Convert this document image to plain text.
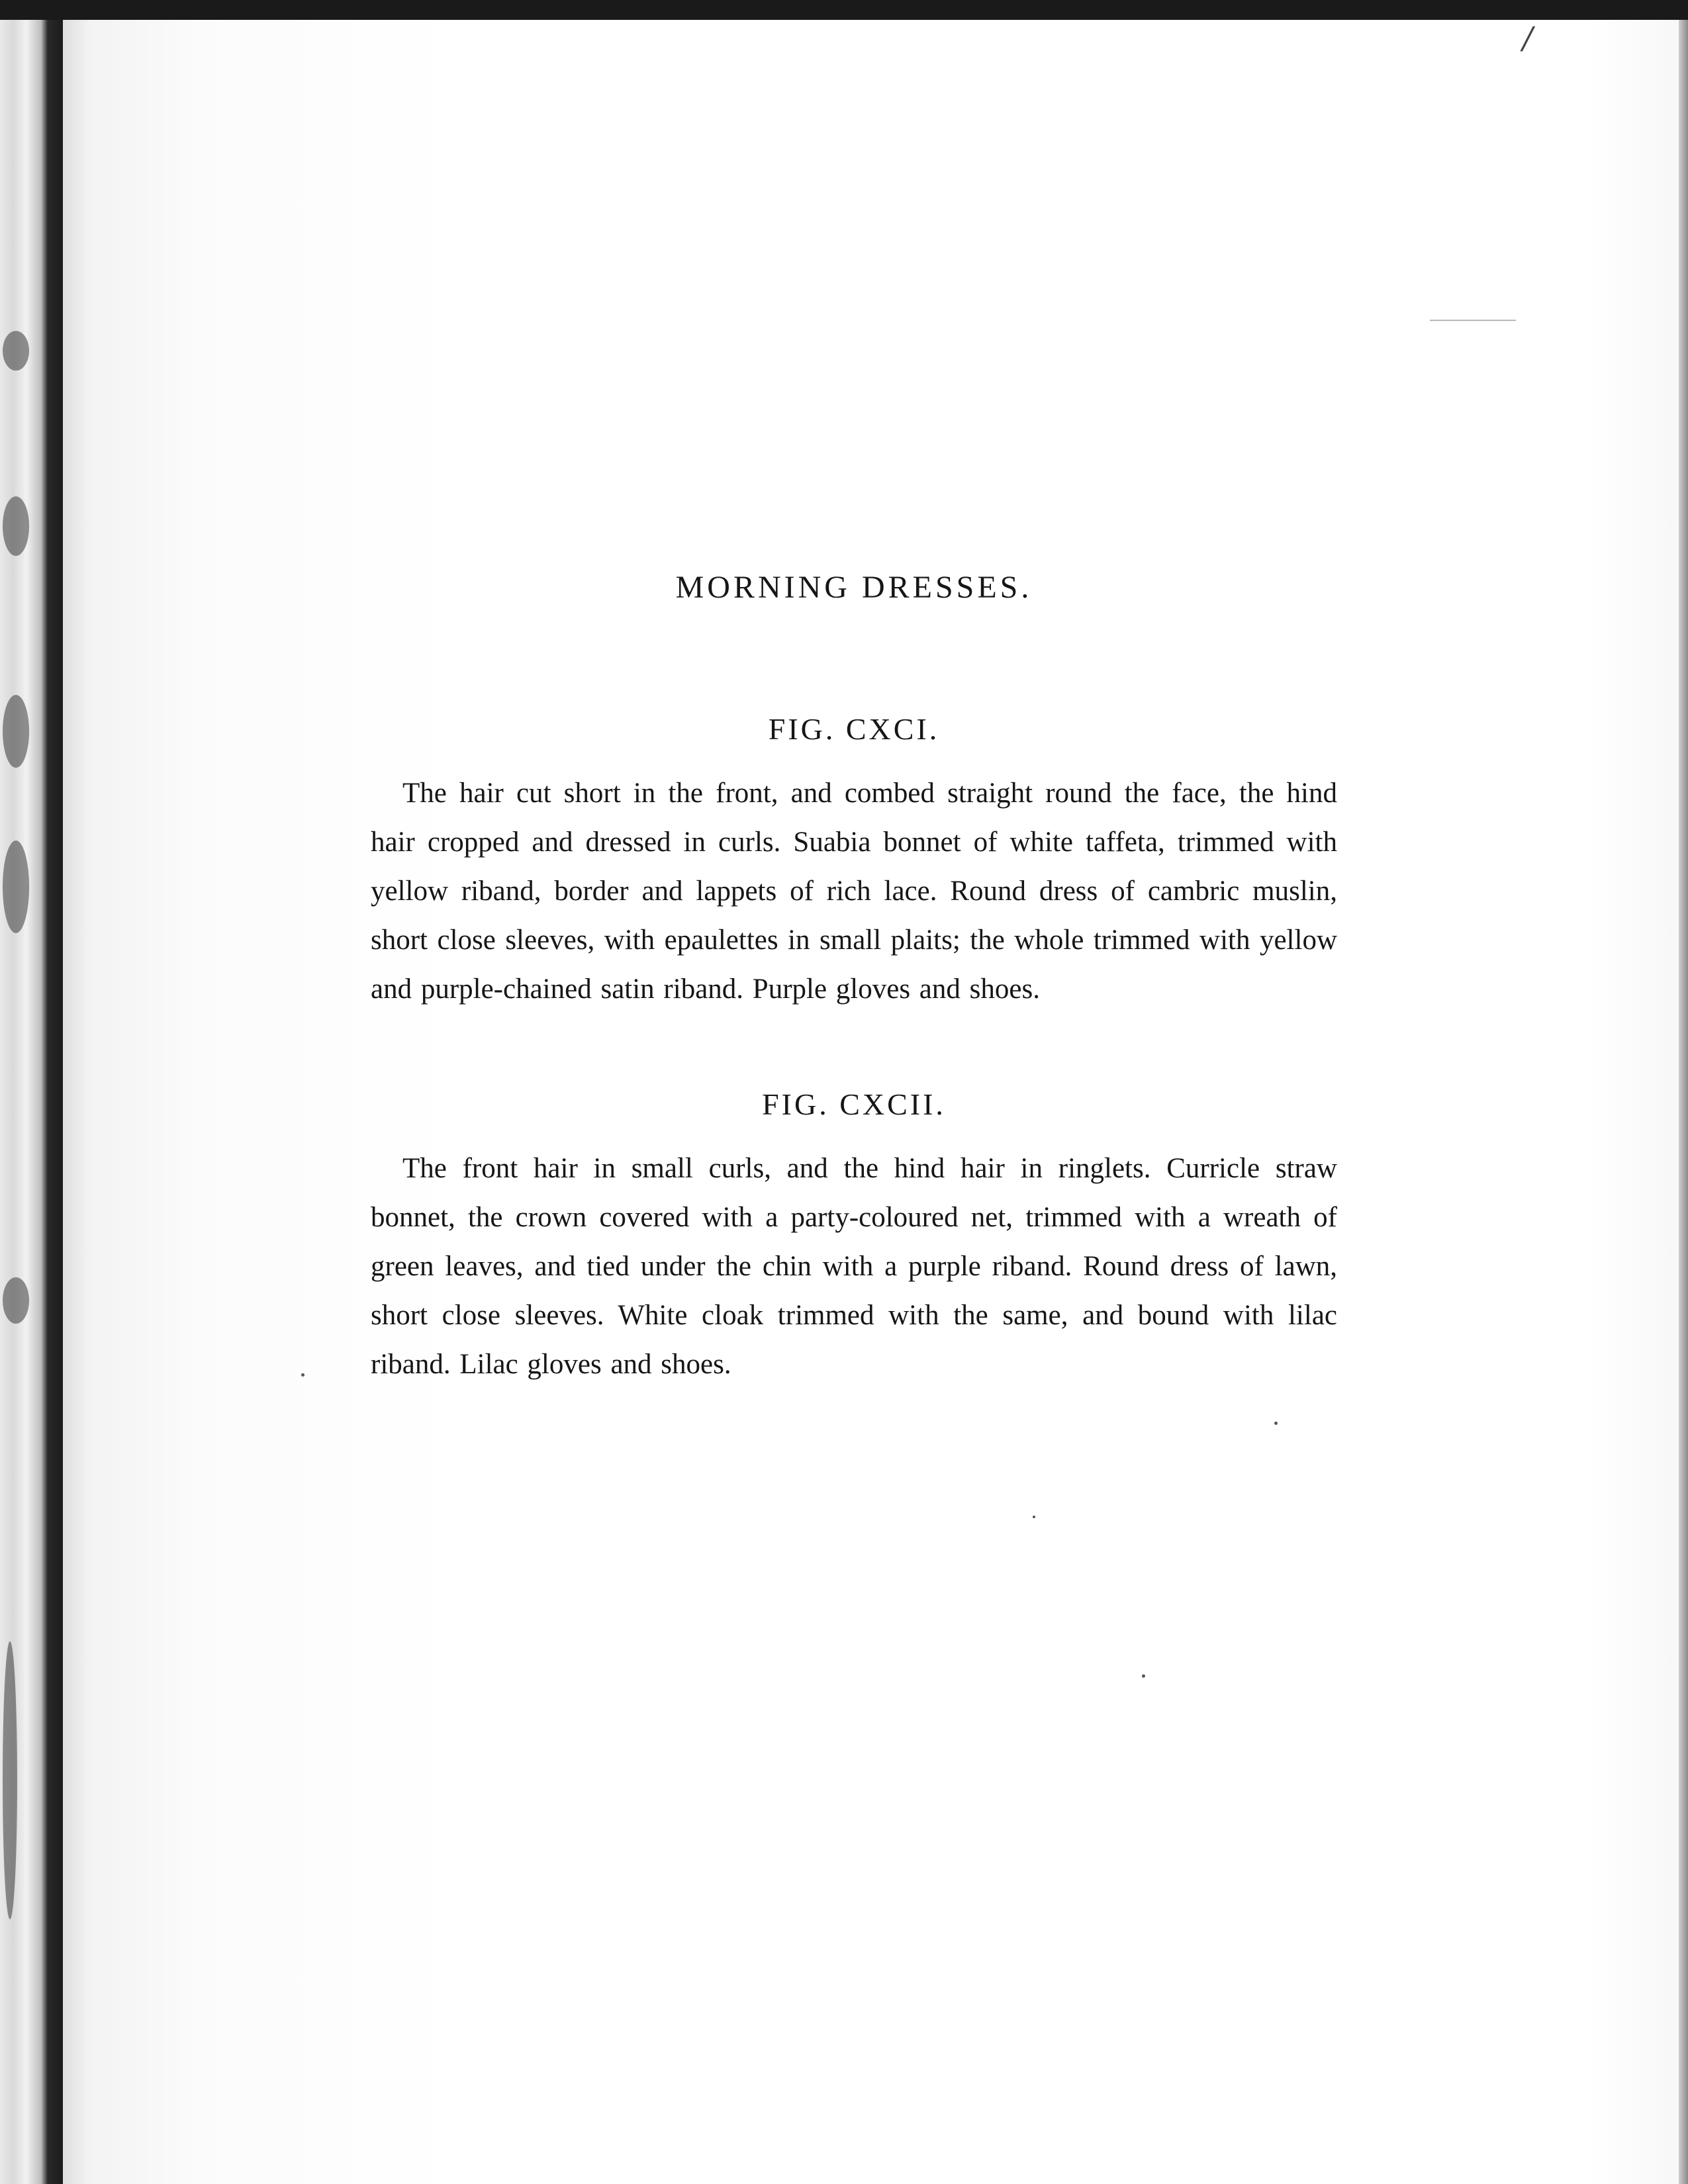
/
MORNING DRESSES.
FIG. CXCI.

The hair cut short in the front, and combed straight round the face, the hind hair cropped and dressed in curls. Suabia bonnet of white taffeta, trimmed with yellow riband, border and lappets of rich lace. Round dress of cambric muslin, short close sleeves, with epaulettes in small plaits; the whole trimmed with yellow and purple-chained satin riband. Purple gloves and shoes.

FIG. CXCII.

The front hair in small curls, and the hind hair in ringlets. Curricle straw bonnet, the crown covered with a party-coloured net, trimmed with a wreath of green leaves, and tied under the chin with a purple riband. Round dress of lawn, short close sleeves. White cloak trimmed with the same, and bound with lilac riband. Lilac gloves and shoes.
